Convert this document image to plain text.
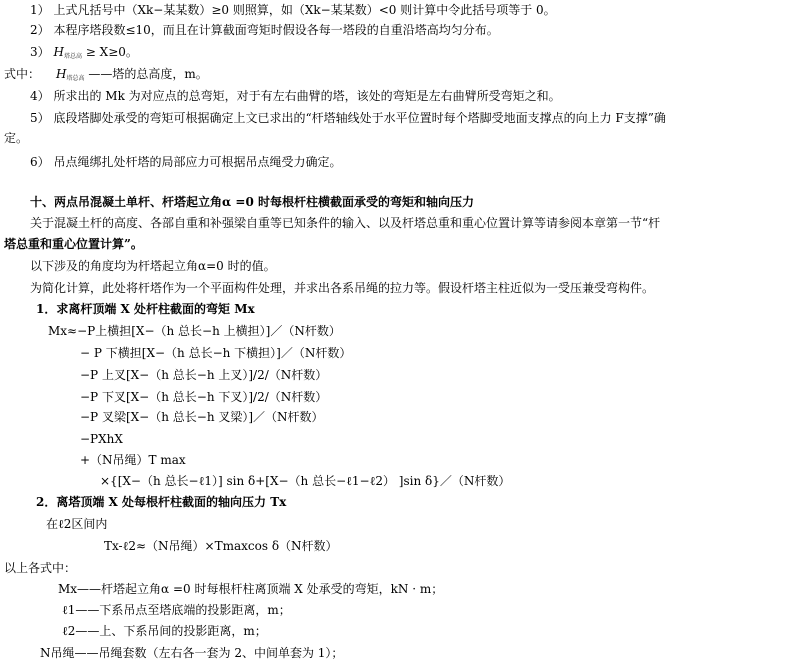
1） 上式凡括号中（Xk−某某数）≥0 则照算，如（Xk−某某数）<0 则计算中令此括号项等于 0。
2） 本程序塔段数≤10，而且在计算截面弯矩时假设各每一塔段的自重沿塔高均匀分布。
3） $H_{塔总高} \ge X\ge 0$。
式中： $H_{塔总高}$ ——塔的总高度，m。
4） 所求出的 Mk 为对应点的总弯矩，对于有左右曲臂的塔，该处的弯矩是左右曲臂所受弯矩之和。
5） 底段塔脚处承受的弯矩可根据确定上文已求出的“杆塔轴线处于水平位置时每个塔脚受地面支撑点的向上力 F支撑”确
定。
6） 吊点绳绑扎处杆塔的局部应力可根据吊点绳受力确定。
十、两点吊混凝土单杆、杆塔起立角α =0 时每根杆柱横截面承受的弯矩和轴向压力
关于混凝土杆的高度、各部自重和补强梁自重等已知条件的输入、以及杆塔总重和重心位置计算等请参阅本章第一节“杆
塔总重和重心位置计算”。
以下涉及的角度均为杆塔起立角α=0 时的值。
为简化计算，此处将杆塔作为一个平面构件处理，并求出各系吊绳的拉力等。假设杆塔主柱近似为一受压兼受弯构件。
1．求离杆顶端 X 处杆柱截面的弯矩 Mx
Mx≈−P上横担[X−（h 总长−h 上横担）]／（N杆数）
− P 下横担[X−（h 总长−h 下横担）]／（N杆数）
−P 上叉[X−（h 总长−h 上叉）]/2/（N杆数）
−P 下叉[X−（h 总长−h 下叉）]/2/（N杆数）
−P 叉梁[X−（h 总长−h 叉梁）]／（N杆数）
−PXhX
+（N吊绳）T max
×{[X−（h 总长−ℓ1）] sin δ+[X−（h 总长−ℓ1−ℓ2） ]sin δ}／（N杆数）
2．离塔顶端 X 处每根杆柱截面的轴向压力 Tx
在ℓ2区间内
Tx-ℓ2≈（N吊绳）×Tmaxcos δ（N杆数）
以上各式中：
Mx——杆塔起立角α =0 时每根杆柱离顶端 X 处承受的弯矩，kN · m；
ℓ1——下系吊点至塔底端的投影距离，m；
ℓ2——上、下系吊间的投影距离，m；
N吊绳——吊绳套数（左右各一套为 2、中间单套为 1）；
